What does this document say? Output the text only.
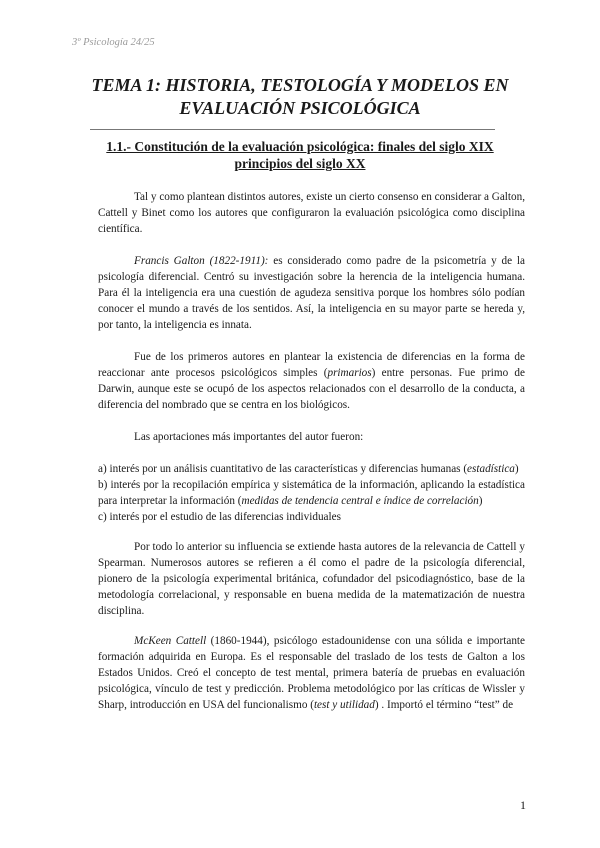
3º Psicología 24/25
TEMA 1: HISTORIA, TESTOLOGÍA Y MODELOS EN
EVALUACIÓN PSICOLÓGICA
1.1.- Constitución de la evaluación psicológica: finales del siglo XIX
principios del siglo XX

Tal y como plantean distintos autores, existe un cierto consenso en considerar a Galton, Cattell y Binet como los autores que configuraron la evaluación psicológica como disciplina científica.

Francis Galton (1822-1911): es considerado como padre de la psicometría y de la psicología diferencial. Centró su investigación sobre la herencia de la inteligencia humana. Para él la inteligencia era una cuestión de agudeza sensitiva porque los hombres sólo podían conocer el mundo a través de los sentidos. Así, la inteligencia en su mayor parte se hereda y, por tanto, la inteligencia es innata.

Fue de los primeros autores en plantear la existencia de diferencias en la forma de reaccionar ante procesos psicológicos simples (primarios) entre personas. Fue primo de Darwin, aunque este se ocupó de los aspectos relacionados con el desarrollo de la conducta, a diferencia del nombrado que se centra en los biológicos.

Las aportaciones más importantes del autor fueron:

a) interés por un análisis cuantitativo de las características y diferencias humanas (estadística)

b) interés por la recopilación empírica y sistemática de la información, aplicando la estadística para interpretar la información (medidas de tendencia central e índice de correlación)

c) interés por el estudio de las diferencias individuales

Por todo lo anterior su influencia se extiende hasta autores de la relevancia de Cattell y Spearman. Numerosos autores se refieren a él como el padre de la psicología diferencial, pionero de la psicología experimental británica, cofundador del psicodiagnóstico, base de la metodología correlacional, y responsable en buena medida de la matematización de nuestra disciplina.

McKeen Cattell (1860-1944), psicólogo estadounidense con una sólida e importante formación adquirida en Europa. Es el responsable del traslado de los tests de Galton a los Estados Unidos. Creó el concepto de test mental, primera batería de pruebas en evaluación psicológica, vínculo de test y predicción. Problema metodológico por las críticas de Wissler y Sharp, introducción en USA del funcionalismo (test y utilidad) . Importó el término “test” de

1
